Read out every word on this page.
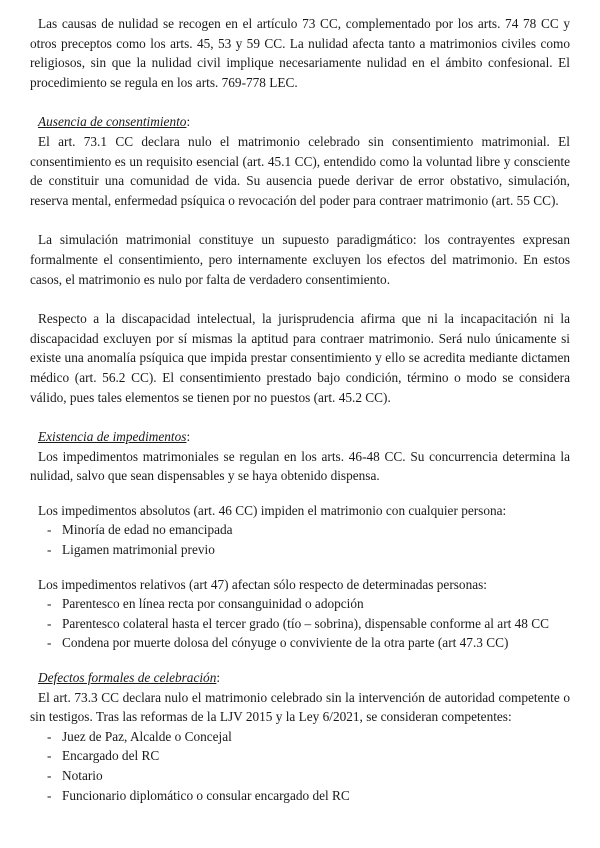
Las causas de nulidad se recogen en el artículo 73 CC, complementado por los arts. 74 78 CC y otros preceptos como los arts. 45, 53 y 59 CC. La nulidad afecta tanto a matrimonios civiles como religiosos, sin que la nulidad civil implique necesariamente nulidad en el ámbito confesional. El procedimiento se regula en los arts. 769-778 LEC.

Ausencia de consentimiento:

El art. 73.1 CC declara nulo el matrimonio celebrado sin consentimiento matrimonial. El consentimiento es un requisito esencial (art. 45.1 CC), entendido como la voluntad libre y consciente de constituir una comunidad de vida. Su ausencia puede derivar de error obstativo, simulación, reserva mental, enfermedad psíquica o revocación del poder para contraer matrimonio (art. 55 CC).

La simulación matrimonial constituye un supuesto paradigmático: los contrayentes expresan formalmente el consentimiento, pero internamente excluyen los efectos del matrimonio. En estos casos, el matrimonio es nulo por falta de verdadero consentimiento.

Respecto a la discapacidad intelectual, la jurisprudencia afirma que ni la incapacitación ni la discapacidad excluyen por sí mismas la aptitud para contraer matrimonio. Será nulo únicamente si existe una anomalía psíquica que impida prestar consentimiento y ello se acredita mediante dictamen médico (art. 56.2 CC). El consentimiento prestado bajo condición, término o modo se considera válido, pues tales elementos se tienen por no puestos (art. 45.2 CC).

Existencia de impedimentos:

Los impedimentos matrimoniales se regulan en los arts. 46-48 CC. Su concurrencia determina la nulidad, salvo que sean dispensables y se haya obtenido dispensa.

Los impedimentos absolutos (art. 46 CC) impiden el matrimonio con cualquier persona:

- Minoría de edad no emancipada
- Ligamen matrimonial previo

Los impedimentos relativos (art 47) afectan sólo respecto de determinadas personas:

- Parentesco en línea recta por consanguinidad o adopción
- Parentesco colateral hasta el tercer grado (tío – sobrina), dispensable conforme al art 48 CC
- Condena por muerte dolosa del cónyuge o conviviente de la otra parte (art 47.3 CC)

Defectos formales de celebración:

El art. 73.3 CC declara nulo el matrimonio celebrado sin la intervención de autoridad competente o sin testigos. Tras las reformas de la LJV 2015 y la Ley 6/2021, se consideran competentes:

- Juez de Paz, Alcalde o Concejal
- Encargado del RC
- Notario
- Funcionario diplomático o consular encargado del RC
